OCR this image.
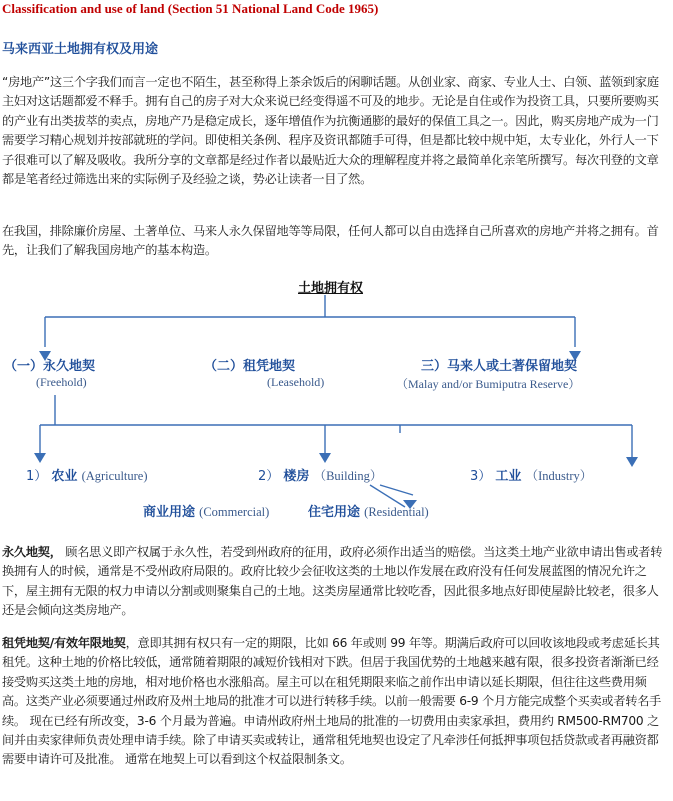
Classification and use of land (Section 51 National Land Code 1965)
马来西亚土地拥有权及用途

“房地产”这三个字我们而言一定也不陌生，甚至称得上茶余饭后的闲聊话题。从创业家、商家、专业人士、白领、蓝领到家庭主妇对这话题都爱不释手。拥有自己的房子对大众来说已经变得遥不可及的地步。无论是自住或作为投资工具，只要所要购买的产业有出类拔萃的卖点，房地产乃是稳定成长，逐年增值作为抗衡通膨的最好的保值工具之一。因此，购买房地产成为一门需要学习精心规划并按部就班的学问。即使相关条例、程序及资讯都随手可得，但是都比较中规中矩，太专业化，外行人一下子很难可以了解及吸收。我所分享的文章都是经过作者以最贴近大众的理解程度并将之最简单化亲笔所撰写。每次刊登的文章都是笔者经过筛选出来的实际例子及经验之谈，势必让读者一目了然。

在我国，排除廉价房屋、土著单位、马来人永久保留地等等局限，任何人都可以自由选择自己所喜欢的房地产并将之拥有。首先，让我们了解我国房地产的基本构造。

土地拥有权
（一）永久地契
(Freehold)
（二）租凭地契
(Leasehold)
三）马来人或土著保留地契
（Malay and/or Bumiputra Reserve）
1） 农业 (Agriculture)	2） 楼房 （Building）	3） 工业 （Industry）
商业用途 (Commercial)	住宅用途 (Residential)

永久地契， 顾名思义即产权属于永久性，若受到州政府的征用，政府必须作出适当的赔偿。当这类土地产业欲申请出售或者转换拥有人的时候，通常是不受州政府局限的。政府比较少会征收这类的土地以作发展在政府没有任何发展蓝图的情况允许之下，屋主拥有无限的权力申请以分割或则聚集自己的土地。这类房屋通常比较吃香，因此很多地点好即使屋龄比较老，很多人还是会倾向这类房地产。

租凭地契/有效年限地契，意即其拥有权只有一定的期限，比如 66 年或则 99 年等。期满后政府可以回收该地段或考虑延长其租凭。这种土地的价格比较低，通常随着期限的减短价钱相对下跌。但居于我国优势的土地越来越有限，很多投资者渐渐已经接受购买这类土地的房地，相对地价格也水涨船高。屋主可以在租凭期限来临之前作出申请以延长期限，但往往这些费用频高。这类产业必须要通过州政府及州土地局的批准才可以进行转移手续。以前一般需要 6-9 个月方能完成整个买卖或者转名手续。 现在已经有所改变，3-6 个月最为普遍。申请州政府州土地局的批准的一切费用由卖家承担，费用约 RM500-RM700 之间并由卖家律师负责处理申请手续。除了申请买卖或转让，通常租凭地契也设定了凡牵涉任何抵押事项包括贷款或者再融资都需要申请许可及批准。 通常在地契上可以看到这个权益限制条文。
